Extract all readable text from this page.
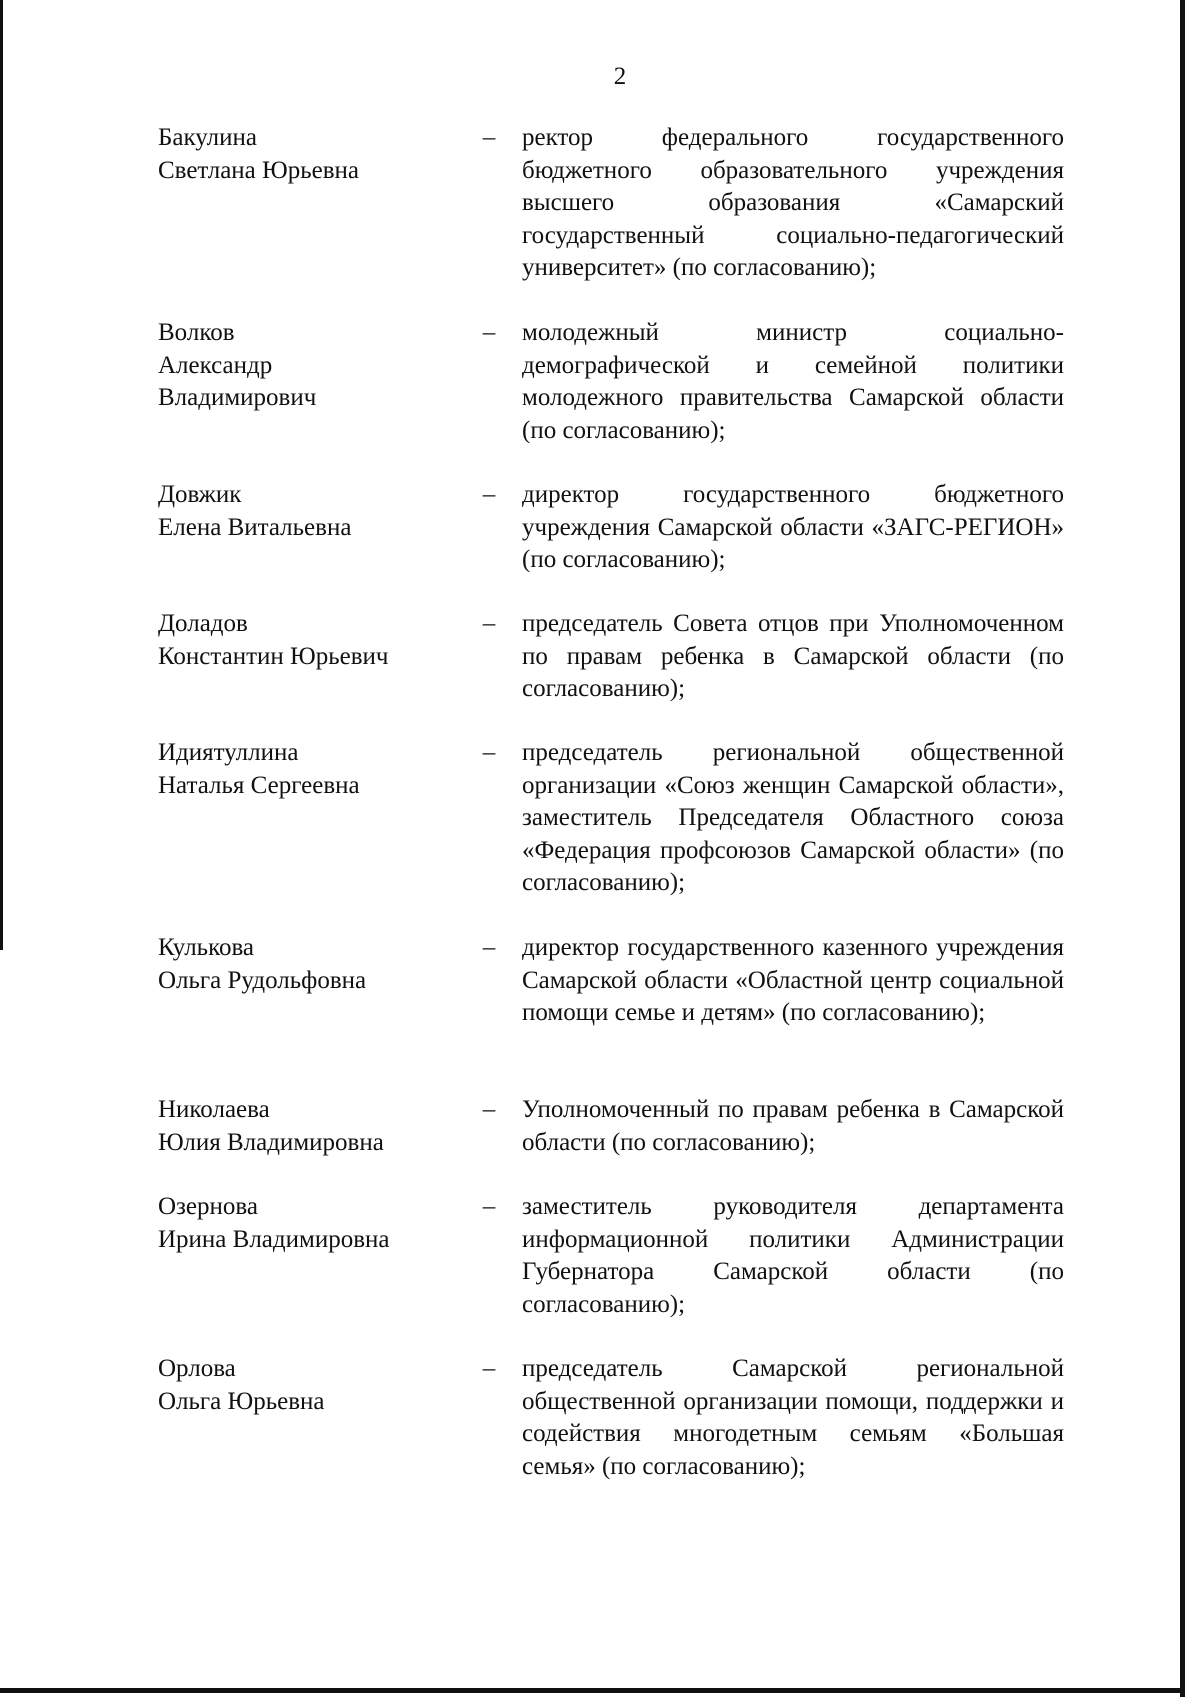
2
Бакулина
Светлана Юрьевна
–	ректор федерального государственного бюджетного образовательного учреждения высшего образования «Самарский государственный социально-педагогический университет» (по согласованию);
Волков
Александр
Владимирович
–	молодежный министр социально-демографической и семейной политики молодежного правительства Самарской области (по согласованию);
Довжик
Елена Витальевна
–	директор государственного бюджетного учреждения Самарской области «ЗАГС-РЕГИОН» (по согласованию);
Доладов
Константин Юрьевич
–	председатель Совета отцов при Уполномоченном по правам ребенка в Самарской области (по согласованию);
Идиятуллина
Наталья Сергеевна
–	председатель региональной общественной организации «Союз женщин Самарской области», заместитель Председателя Областного союза «Федерация профсоюзов Самарской области» (по согласованию);
Кулькова
Ольга Рудольфовна
–	директор государственного казенного учреждения Самарской области «Областной центр социальной помощи семье и детям» (по согласованию);
Николаева
Юлия Владимировна
–	Уполномоченный по правам ребенка в Самарской области (по согласованию);
Озернова
Ирина Владимировна
–	заместитель руководителя департамента информационной политики Администрации Губернатора Самарской области (по согласованию);
Орлова
Ольга Юрьевна
–	председатель Самарской региональной общественной организации помощи, поддержки и содействия многодетным семьям «Большая семья» (по согласованию);
